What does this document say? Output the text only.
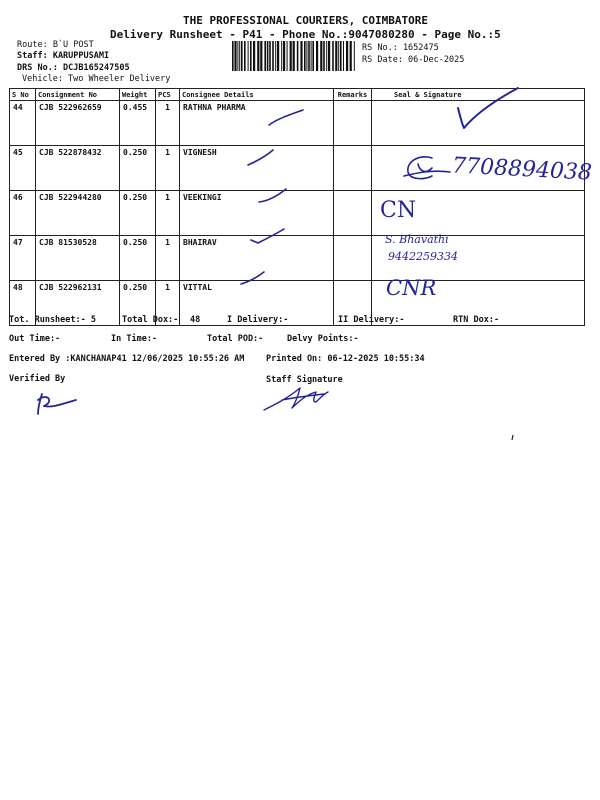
THE PROFESSIONAL COURIERS, COIMBATORE
Delivery Runsheet - P41 - Phone No.:9047080280 - Page No.:5
Route: B`U POST
Staff: KARUPPUSAMI
DRS No.: DCJB165247505
Vehicle: Two Wheeler Delivery
RS No.: 1652475
RS Date: 06-Dec-2025
S No	Consignment No	Weight	PCS	Consignee Details	Remarks	Seal & Signature
44	CJB 522962659	0.455	1	RATHNA PHARMA		
45	CJB 522878432	0.250	1	VIGNESH		
46	CJB 522944280	0.250	1	VEEKINGI		
47	CJB 81530528	0.250	1	BHAIRAV		
48	CJB 522962131	0.250	1	VITTAL		
7708894038
CN
S. Bhavathi
9442259334
CNR
Tot. Runsheet:- 5	Total Dox:- 48	I Delivery:-	II Delivery:-	RTN Dox:-
Out Time:-	In Time:-	Total POD:-	Delvy Points:-
Entered By :KANCHANAP41 12/06/2025 10:55:26 AM	Printed On: 06-12-2025 10:55:34
Verified By	Staff Signature
